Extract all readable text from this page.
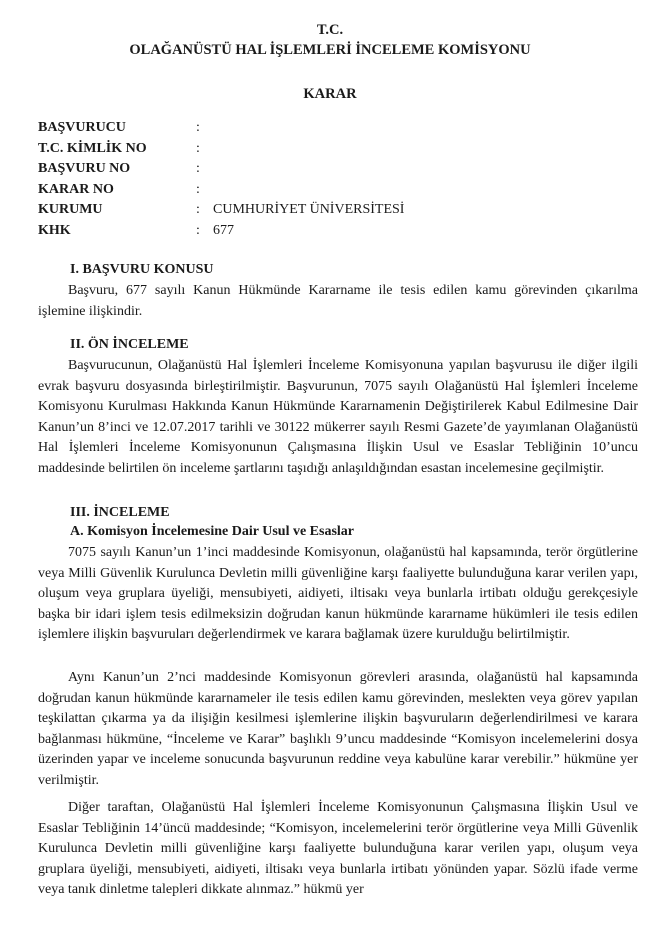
T.C.
OLAĞANÜSTÜ HAL İŞLEMLERİ İNCELEME KOMİSYONU
KARAR
BAŞVURUCU	:
T.C. KİMLİK NO	:
BAŞVURU NO	:
KARAR NO	:
KURUMU	: CUMHURİYET ÜNİVERSİTESİ
KHK	: 677
I. BAŞVURU KONUSU

Başvuru, 677 sayılı Kanun Hükmünde Kararname ile tesis edilen kamu görevinden çıkarılma işlemine ilişkindir.

II. ÖN İNCELEME

Başvurucunun, Olağanüstü Hal İşlemleri İnceleme Komisyonuna yapılan başvurusu ile diğer ilgili evrak başvuru dosyasında birleştirilmiştir. Başvurunun, 7075 sayılı Olağanüstü Hal İşlemleri İnceleme Komisyonu Kurulması Hakkında Kanun Hükmünde Kararnamenin Değiştirilerek Kabul Edilmesine Dair Kanun’un 8’inci ve 12.07.2017 tarihli ve 30122 mükerrer sayılı Resmi Gazete’de yayımlanan Olağanüstü Hal İşlemleri İnceleme Komisyonunun Çalışmasına İlişkin Usul ve Esaslar Tebliğinin 10’uncu maddesinde belirtilen ön inceleme şartlarını taşıdığı anlaşıldığından esastan incelemesine geçilmiştir.

III. İNCELEME
A. Komisyon İncelemesine Dair Usul ve Esaslar

7075 sayılı Kanun’un 1’inci maddesinde Komisyonun, olağanüstü hal kapsamında, terör örgütlerine veya Milli Güvenlik Kurulunca Devletin milli güvenliğine karşı faaliyette bulunduğuna karar verilen yapı, oluşum veya gruplara üyeliği, mensubiyeti, aidiyeti, iltisakı veya bunlarla irtibatı olduğu gerekçesiyle başka bir idari işlem tesis edilmeksizin doğrudan kanun hükmünde kararname hükümleri ile tesis edilen işlemlere ilişkin başvuruları değerlendirmek ve karara bağlamak üzere kurulduğu belirtilmiştir.

Aynı Kanun’un 2’nci maddesinde Komisyonun görevleri arasında, olağanüstü hal kapsamında doğrudan kanun hükmünde kararnameler ile tesis edilen kamu görevinden, meslekten veya görev yapılan teşkilattan çıkarma ya da ilişiğin kesilmesi işlemlerine ilişkin başvuruların değerlendirilmesi ve karara bağlanması hükmüne, “İnceleme ve Karar” başlıklı 9’uncu maddesinde “Komisyon incelemelerini dosya üzerinden yapar ve inceleme sonucunda başvurunun reddine veya kabulüne karar verebilir.” hükmüne yer verilmiştir.

Diğer taraftan, Olağanüstü Hal İşlemleri İnceleme Komisyonunun Çalışmasına İlişkin Usul ve Esaslar Tebliğinin 14’üncü maddesinde; “Komisyon, incelemelerini terör örgütlerine veya Milli Güvenlik Kurulunca Devletin milli güvenliğine karşı faaliyette bulunduğuna karar verilen yapı, oluşum veya gruplara üyeliği, mensubiyeti, aidiyeti, iltisakı veya bunlarla irtibatı yönünden yapar. Sözlü ifade verme veya tanık dinletme talepleri dikkate alınmaz.” hükmü yer
